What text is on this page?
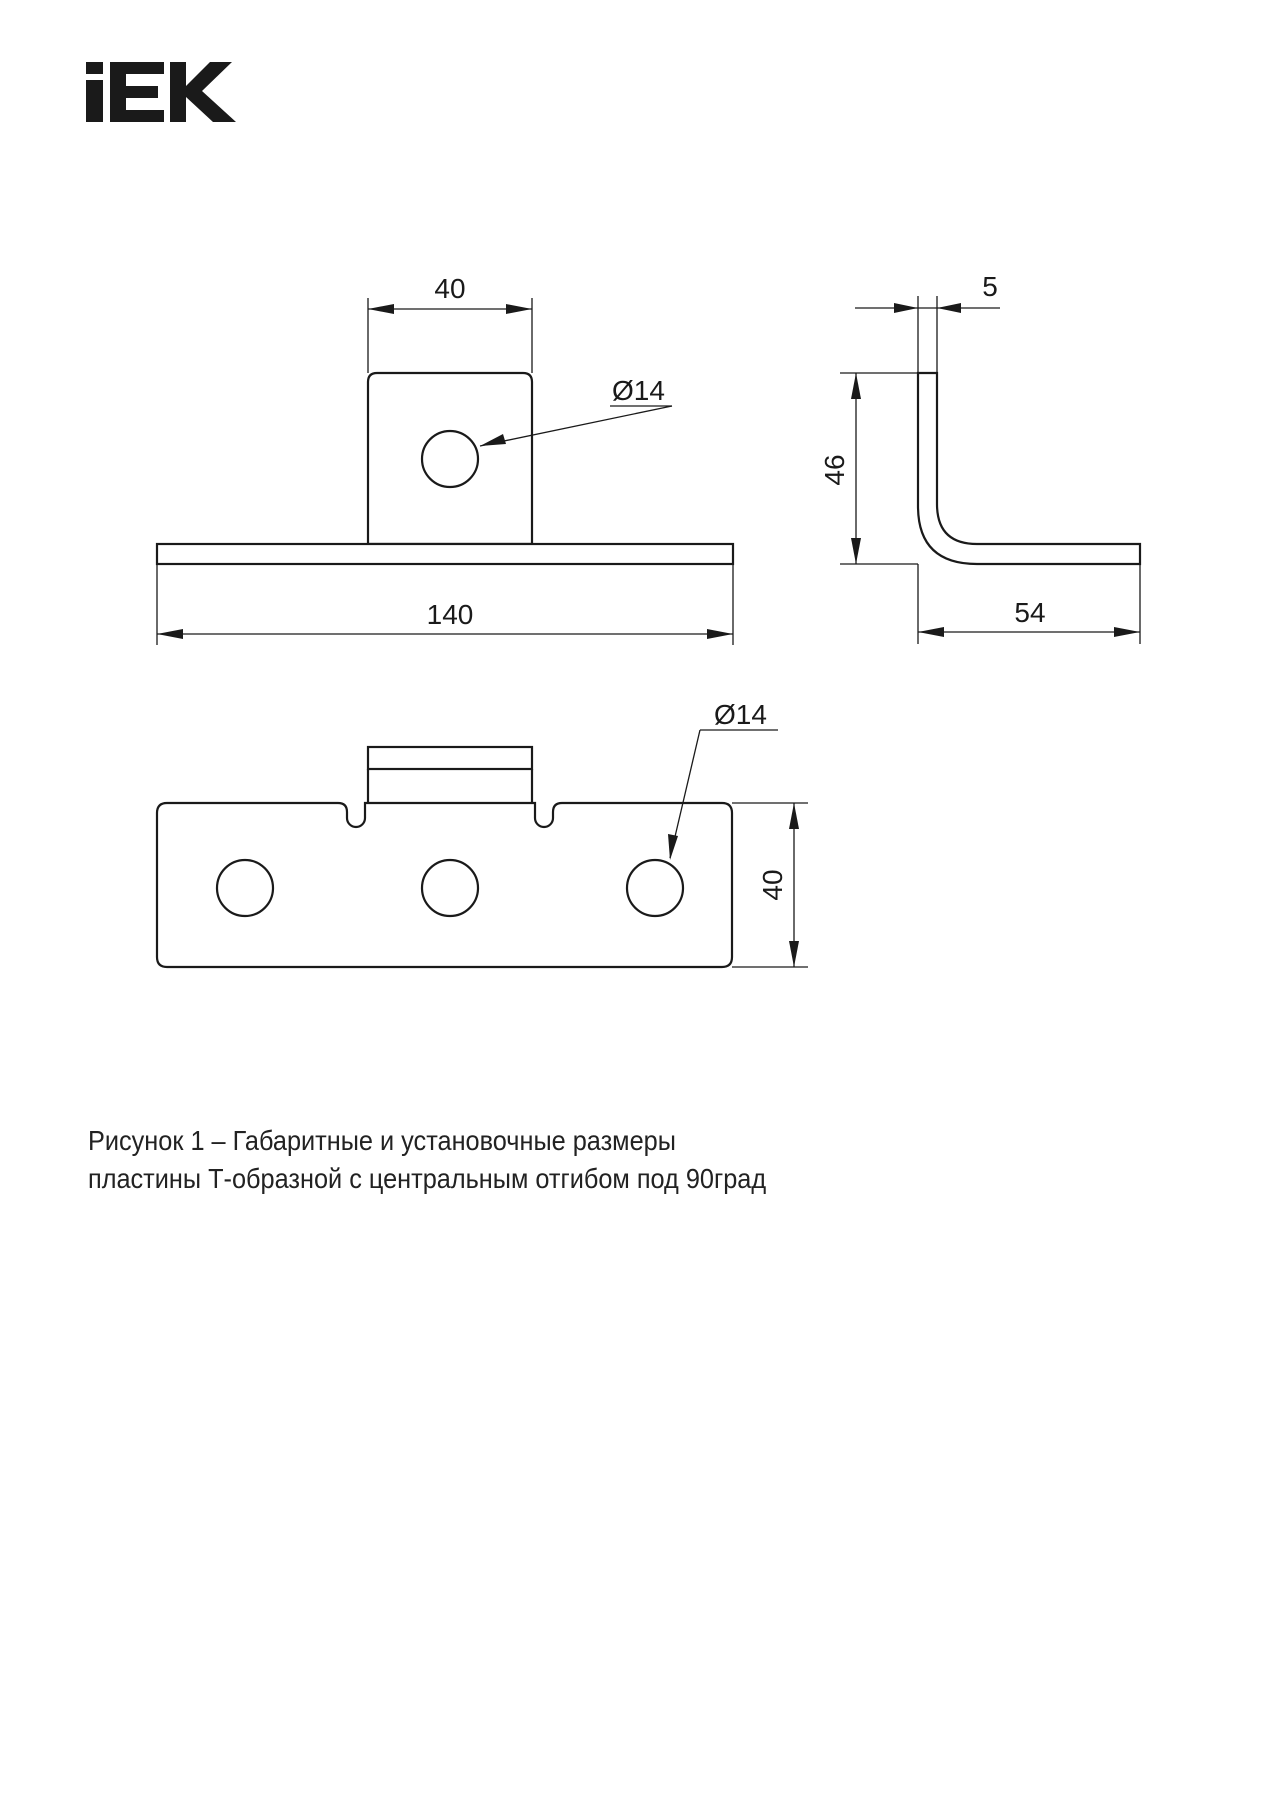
40
140
Ø14
5
46
54
Ø14
40
Рисунок 1 – Габаритные и установочные размеры
пластины Т-образной с центральным отгибом под 90град
